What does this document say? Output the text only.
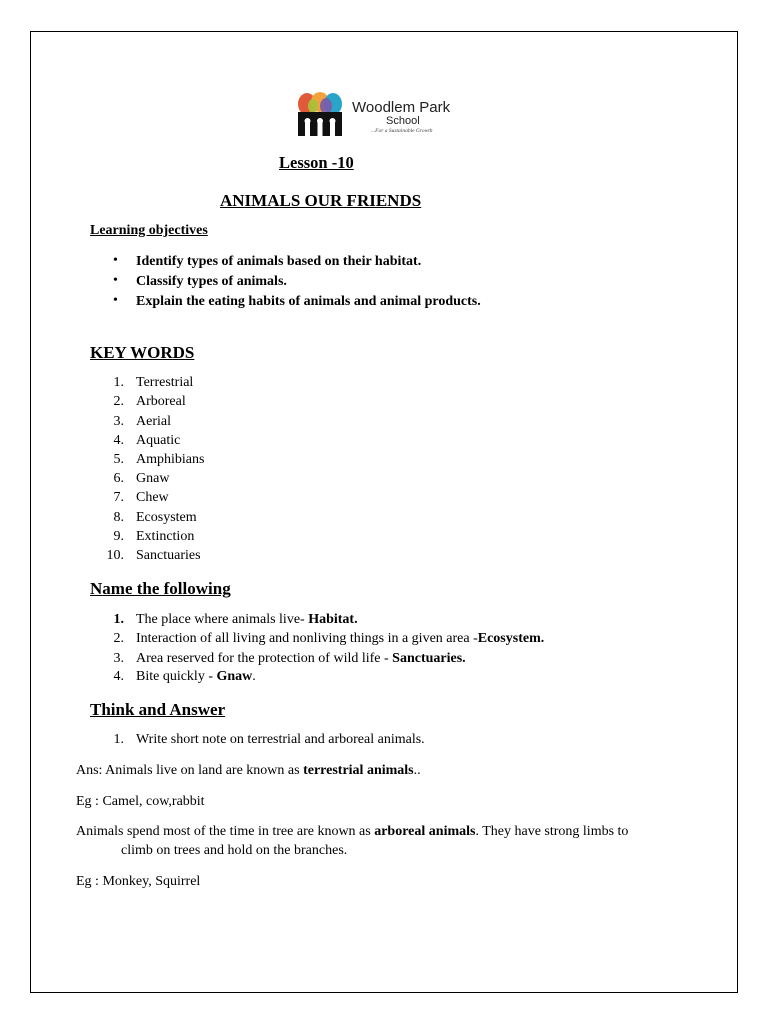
Woodlem Park
School
...For a Sustainable Growth
Lesson -10
ANIMALS OUR FRIENDS
Learning objectives
• Identify types of animals based on their habitat.
• Classify types of animals.
• Explain the eating habits of animals and animal products.
KEY WORDS
1. Terrestrial
2. Arboreal
3. Aerial
4. Aquatic
5. Amphibians
6. Gnaw
7. Chew
8. Ecosystem
9. Extinction
10. Sanctuaries
Name the following
1. The place where animals live- Habitat.
2. Interaction of all living and nonliving things in a given area -Ecosystem.
3. Area reserved for the protection of wild life - Sanctuaries.
4. Bite quickly - Gnaw.
Think and Answer
1. Write short note on terrestrial and arboreal animals.
Ans: Animals live on land are known as terrestrial animals..
Eg : Camel, cow,rabbit
Animals spend most of the time in tree are known as arboreal animals. They have strong limbs to
climb on trees and hold on the branches.
Eg : Monkey, Squirrel
